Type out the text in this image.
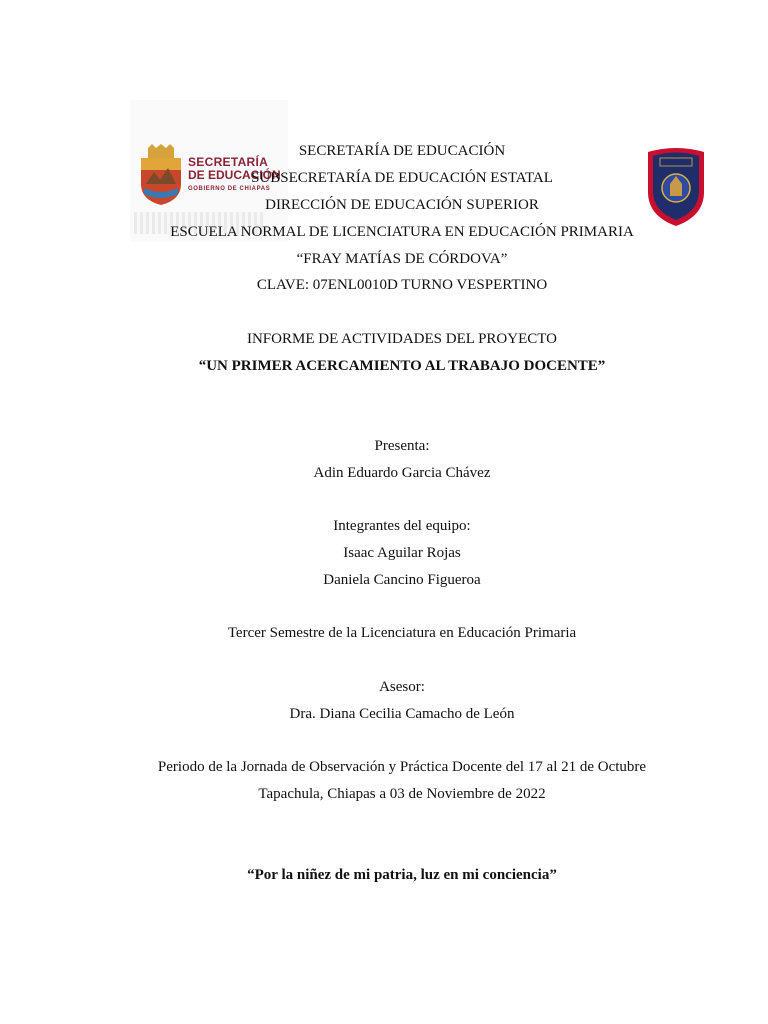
SECRETARÍA
DE EDUCACIÓN
GOBIERNO DE CHIAPAS
SECRETARÍA DE EDUCACIÓN
SUBSECRETARÍA DE EDUCACIÓN ESTATAL
DIRECCIÓN DE EDUCACIÓN SUPERIOR
ESCUELA NORMAL DE LICENCIATURA EN EDUCACIÓN PRIMARIA
“FRAY MATÍAS DE CÓRDOVA”
CLAVE: 07ENL0010D TURNO VESPERTINO
INFORME DE ACTIVIDADES DEL PROYECTO
“UN PRIMER ACERCAMIENTO AL TRABAJO DOCENTE”
Presenta:
Adin Eduardo Garcia Chávez
Integrantes del equipo:
Isaac Aguilar Rojas
Daniela Cancino Figueroa
Tercer Semestre de la Licenciatura en Educación Primaria
Asesor:
Dra. Diana Cecilia Camacho de León
Periodo de la Jornada de Observación y Práctica Docente del 17 al 21 de Octubre
Tapachula, Chiapas a 03 de Noviembre de 2022
“Por la niñez de mi patria, luz en mi conciencia”
